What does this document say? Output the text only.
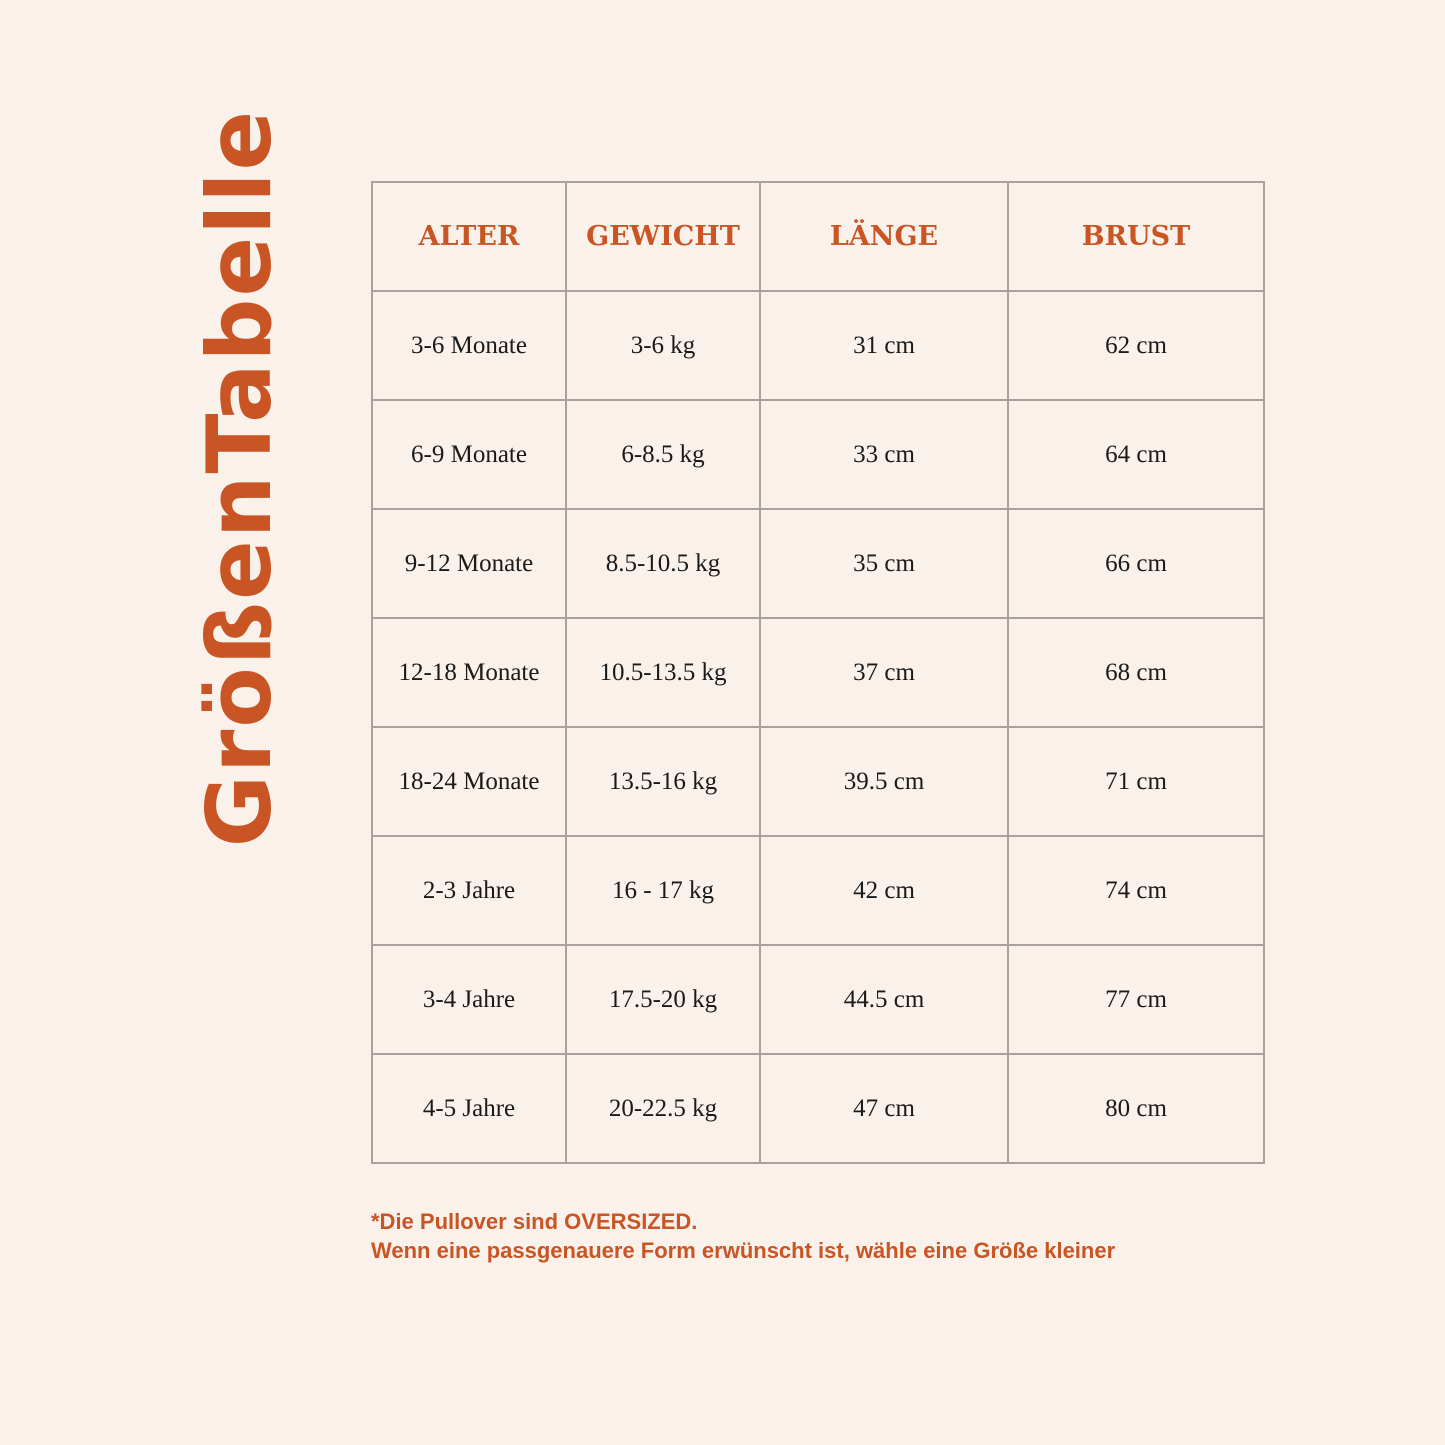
GrößenTabelle	ALTER	GEWICHT	LÄNGE	BRUST
3-6 Monate	3-6 kg	31 cm	62 cm
6-9 Monate	6-8.5 kg	33 cm	64 cm
9-12 Monate	8.5-10.5 kg	35 cm	66 cm
12-18 Monate	10.5-13.5 kg	37 cm	68 cm
18-24 Monate	13.5-16 kg	39.5 cm	71 cm
2-3 Jahre	16 - 17 kg	42 cm	74 cm
3-4 Jahre	17.5-20 kg	44.5 cm	77 cm
4-5 Jahre	20-22.5 kg	47 cm	80 cm
*Die Pullover sind OVERSIZED.
Wenn eine passgenauere Form erwünscht ist, wähle eine Größe kleiner
